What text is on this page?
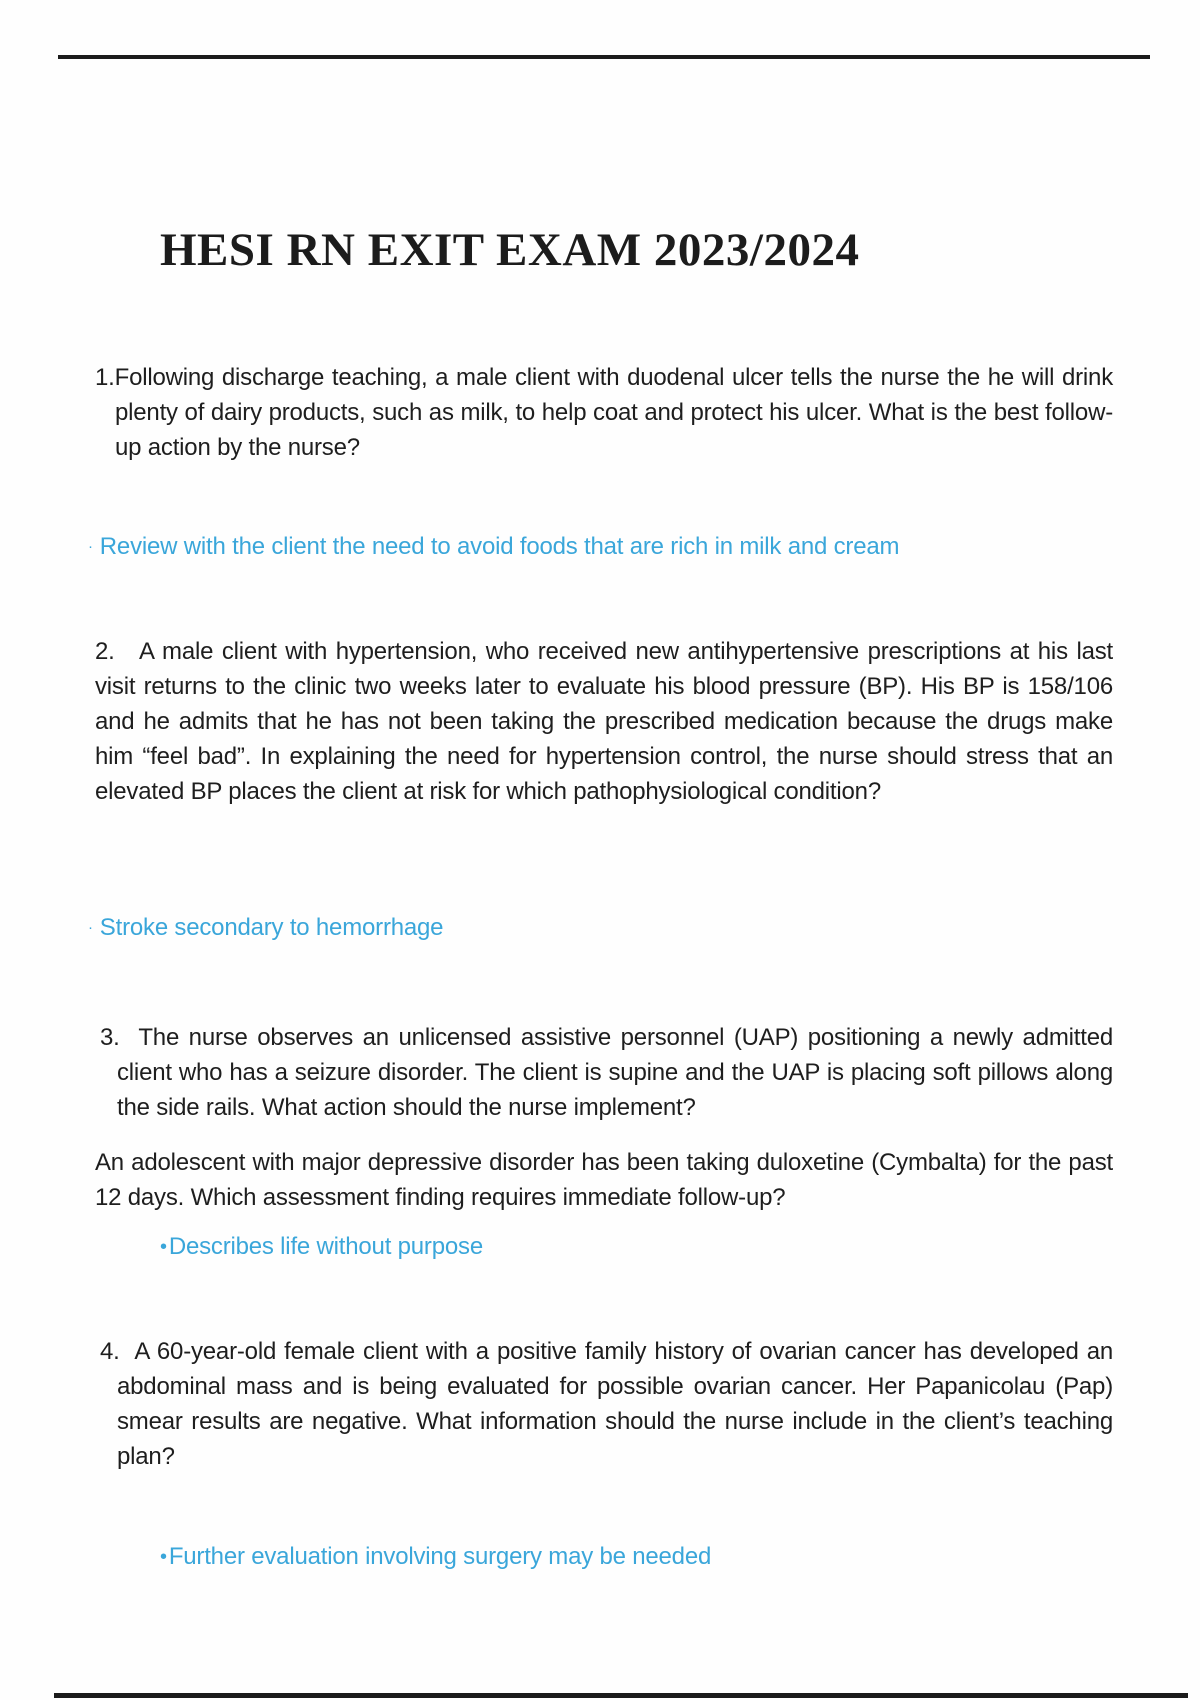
HESI RN EXIT EXAM 2023/2024

1.Following discharge teaching, a male client with duodenal ulcer tells the nurse the he will drink plenty of dairy products, such as milk, to help coat and protect his ulcer. What is the best follow-up action by the nurse?

· Review with the client the need to avoid foods that are rich in milk and cream

2.   A male client with hypertension, who received new antihypertensive prescriptions at his last visit returns to the clinic two weeks later to evaluate his blood pressure (BP). His BP is 158/106 and he admits that he has not been taking the prescribed medication because the drugs make him “feel bad”. In explaining the need for hypertension control, the nurse should stress that an elevated BP places the client at risk for which pathophysiological condition?

· Stroke secondary to hemorrhage

3.  The nurse observes an unlicensed assistive personnel (UAP) positioning a newly admitted client who has a seizure disorder. The client is supine and the UAP is placing soft pillows along the side rails. What action should the nurse implement?

An adolescent with major depressive disorder has been taking duloxetine (Cymbalta) for the past 12 days. Which assessment finding requires immediate follow-up?

•Describes life without purpose

4.  A 60-year-old female client with a positive family history of ovarian cancer has developed an abdominal mass and is being evaluated for possible ovarian cancer. Her Papanicolau (Pap) smear results are negative. What information should the nurse include in the client’s teaching plan?

•Further evaluation involving surgery may be needed
